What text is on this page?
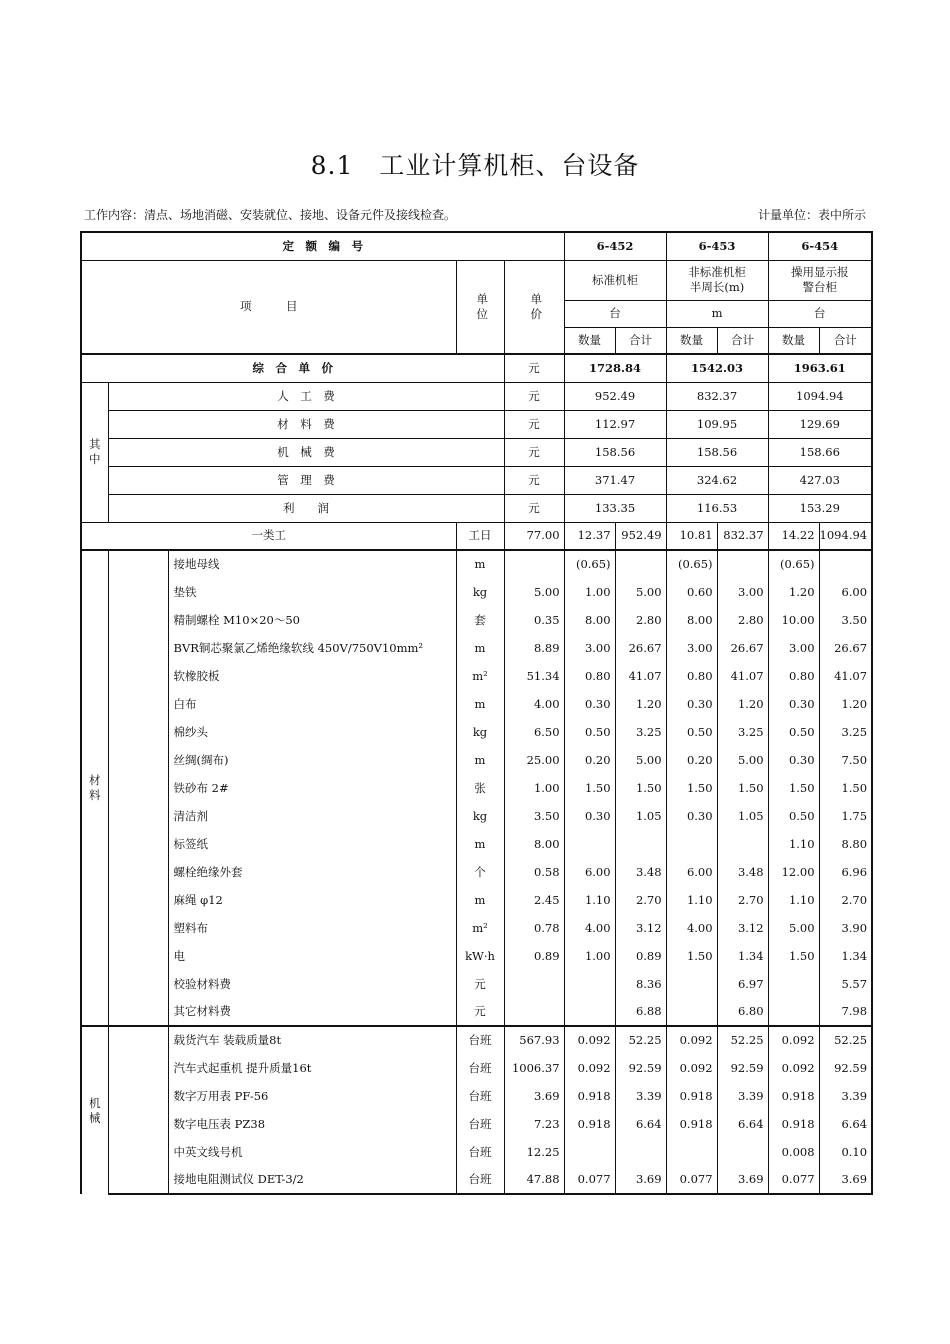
8.1　工业计算机柜、台设备
工作内容：清点、场地消磁、安装就位、接地、设备元件及接线检查。	计量单位：表中所示
定　额　编　号					6-452		6-453		6-454	
项　　　目			单位	单价	标准机柜		非标准机柜半周长(m)		操用显示报警台柜	
					台		m		台	
					数量	合计	数量	合计	数量	合计
综　合　单　价				元	1728.84		1542.03		1963.61	
其中	人　工　费			元	952.49		832.37		1094.94	
	材　料　费			元	112.97		109.95		129.69	
	机　械　费			元	158.56		158.56		158.66	
	管　理　费			元	371.47		324.62		427.03	
	利　　润			元	133.35		116.53		153.29	
一类工			工日	77.00	12.37	952.49	10.81	832.37	14.22	1094.94
材料		接地母线	m		(0.65)		(0.65)		(0.65)	
		垫铁	kg	5.00	1.00	5.00	0.60	3.00	1.20	6.00
		精制螺栓 M10×20～50	套	0.35	8.00	2.80	8.00	2.80	10.00	3.50
		BVR铜芯聚氯乙烯绝缘软线 450V/750V10mm²	m	8.89	3.00	26.67	3.00	26.67	3.00	26.67
		软橡胶板	m²	51.34	0.80	41.07	0.80	41.07	0.80	41.07
		白布	m	4.00	0.30	1.20	0.30	1.20	0.30	1.20
		棉纱头	kg	6.50	0.50	3.25	0.50	3.25	0.50	3.25
		丝绸(绸布)	m	25.00	0.20	5.00	0.20	5.00	0.30	7.50
		铁砂布 2#	张	1.00	1.50	1.50	1.50	1.50	1.50	1.50
		清洁剂	kg	3.50	0.30	1.05	0.30	1.05	0.50	1.75
		标签纸	m	8.00					1.10	8.80
		螺栓绝缘外套	个	0.58	6.00	3.48	6.00	3.48	12.00	6.96
		麻绳 φ12	m	2.45	1.10	2.70	1.10	2.70	1.10	2.70
		塑料布	m²	0.78	4.00	3.12	4.00	3.12	5.00	3.90
		电	kW·h	0.89	1.00	0.89	1.50	1.34	1.50	1.34
		校验材料费	元			8.36		6.97		5.57
		其它材料费	元			6.88		6.80		7.98
机械		载货汽车 装载质量8t	台班	567.93	0.092	52.25	0.092	52.25	0.092	52.25
		汽车式起重机 提升质量16t	台班	1006.37	0.092	92.59	0.092	92.59	0.092	92.59
		数字万用表 PF-56	台班	3.69	0.918	3.39	0.918	3.39	0.918	3.39
		数字电压表 PZ38	台班	7.23	0.918	6.64	0.918	6.64	0.918	6.64
		中英文线号机	台班	12.25					0.008	0.10
		接地电阻测试仪 DET-3/2	台班	47.88	0.077	3.69	0.077	3.69	0.077	3.69
